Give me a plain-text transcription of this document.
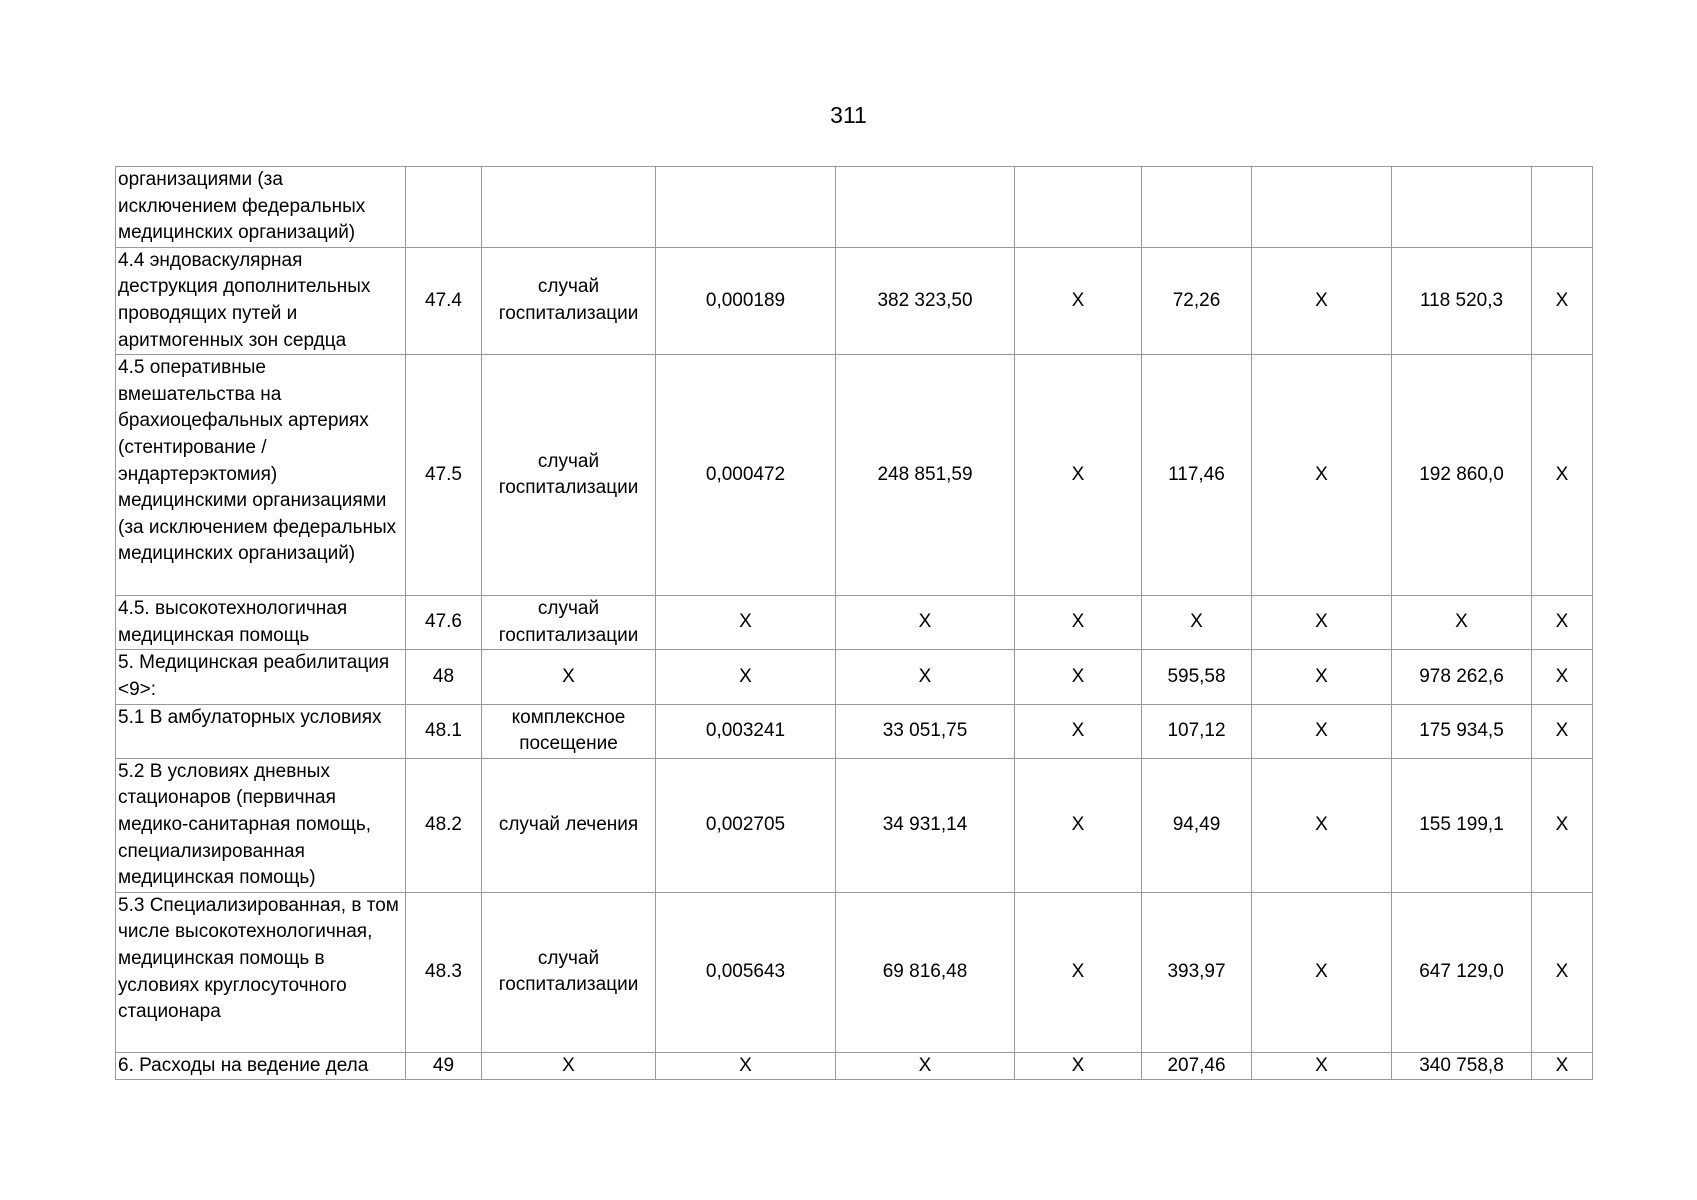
311
организациями (за исключением федеральных медицинских организаций)									
4.4 эндоваскулярная деструкция дополнительных проводящих путей и аритмогенных зон сердца	47.4	случай госпитализации	0,000189	382 323,50	X	72,26	X	118 520,3	X
4.5 оперативные вмешательства на брахиоцефальных артериях (стентирование / эндартерэктомия) медицинскими организациями (за исключением федеральных медицинских организаций)	47.5	случай госпитализации	0,000472	248 851,59	X	117,46	X	192 860,0	X
4.5. высокотехнологичная медицинская помощь	47.6	случай госпитализации	X	X	X	X	X	X	X
5. Медицинская реабилитация <9>:	48	X	X	X	X	595,58	X	978 262,6	X
5.1 В амбулаторных условиях	48.1	комплексное посещение	0,003241	33 051,75	X	107,12	X	175 934,5	X
5.2 В условиях дневных стационаров (первичная медико-санитарная помощь, специализированная медицинская помощь)	48.2	случай лечения	0,002705	34 931,14	X	94,49	X	155 199,1	X
5.3 Специализированная, в том числе высокотехнологичная, медицинская помощь в условиях круглосуточного стационара	48.3	случай госпитализации	0,005643	69 816,48	X	393,97	X	647 129,0	X
6. Расходы на ведение дела	49	X	X	X	X	207,46	X	340 758,8	X
